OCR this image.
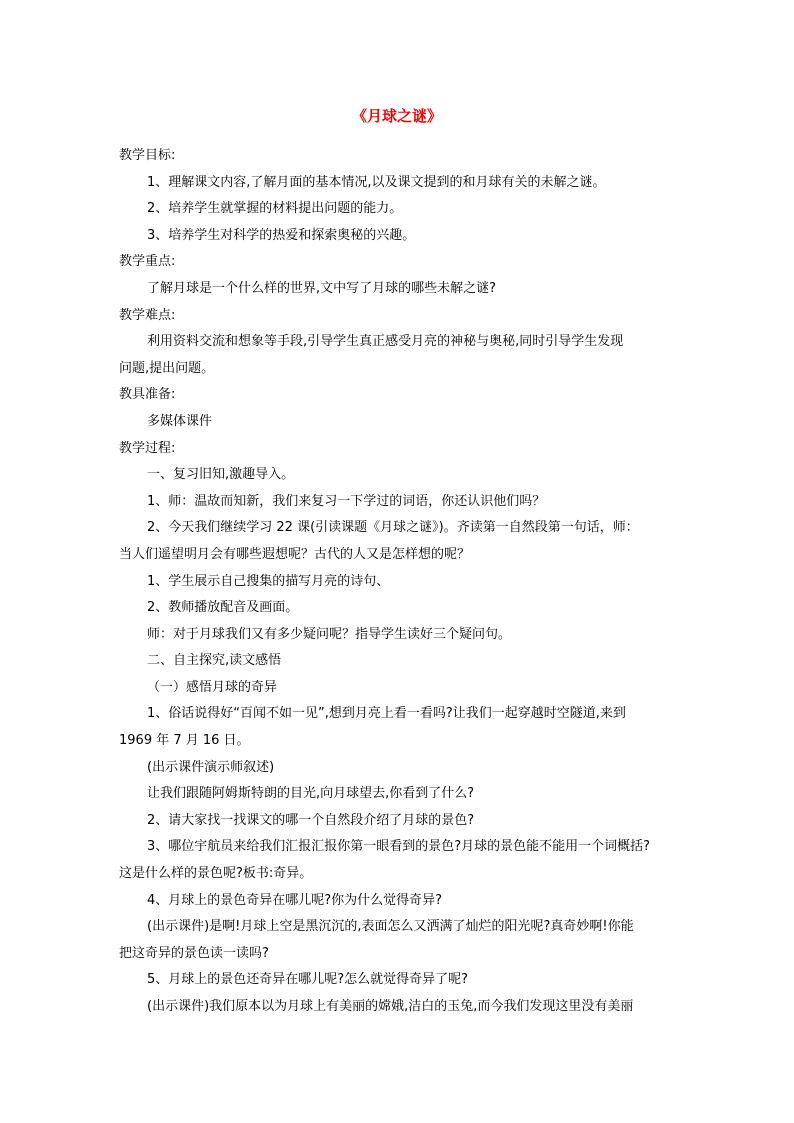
《月球之谜》
教学目标:
1、理解课文内容,了解月面的基本情况,以及课文提到的和月球有关的未解之谜。
2、培养学生就掌握的材料提出问题的能力。
3、培养学生对科学的热爱和探索奥秘的兴趣。
教学重点:
了解月球是一个什么样的世界,文中写了月球的哪些未解之谜?
教学难点:
利用资料交流和想象等手段,引导学生真正感受月亮的神秘与奥秘,同时引导学生发现
问题,提出问题。
教具准备:
多媒体课件
教学过程:
一、复习旧知,激趣导入。
1、师：温故而知新，我们来复习一下学过的词语，你还认识他们吗？
2、今天我们继续学习 22 课(引读课题《月球之谜》)。齐读第一自然段第一句话，师：
当人们遥望明月会有哪些遐想呢？古代的人又是怎样想的呢？
1、学生展示自己搜集的描写月亮的诗句、
2、教师播放配音及画面。
师：对于月球我们又有多少疑问呢？指导学生读好三个疑问句。
二、自主探究,读文感悟
（一）感悟月球的奇异
1、俗话说得好“百闻不如一见”,想到月亮上看一看吗?让我们一起穿越时空隧道,来到
1969 年 7 月 16 日。
(出示课件演示师叙述)
让我们跟随阿姆斯特朗的目光,向月球望去,你看到了什么?
2、请大家找一找课文的哪一个自然段介绍了月球的景色?
3、哪位宇航员来给我们汇报汇报你第一眼看到的景色?月球的景色能不能用一个词概括?
这是什么样的景色呢?板书:奇异。
4、月球上的景色奇异在哪儿呢?你为什么觉得奇异?
(出示课件)是啊!月球上空是黑沉沉的,表面怎么又洒满了灿烂的阳光呢?真奇妙啊!你能
把这奇异的景色读一读吗?
5、月球上的景色还奇异在哪儿呢?怎么就觉得奇异了呢?
(出示课件)我们原本以为月球上有美丽的嫦娥,洁白的玉兔,而今我们发现这里没有美丽
